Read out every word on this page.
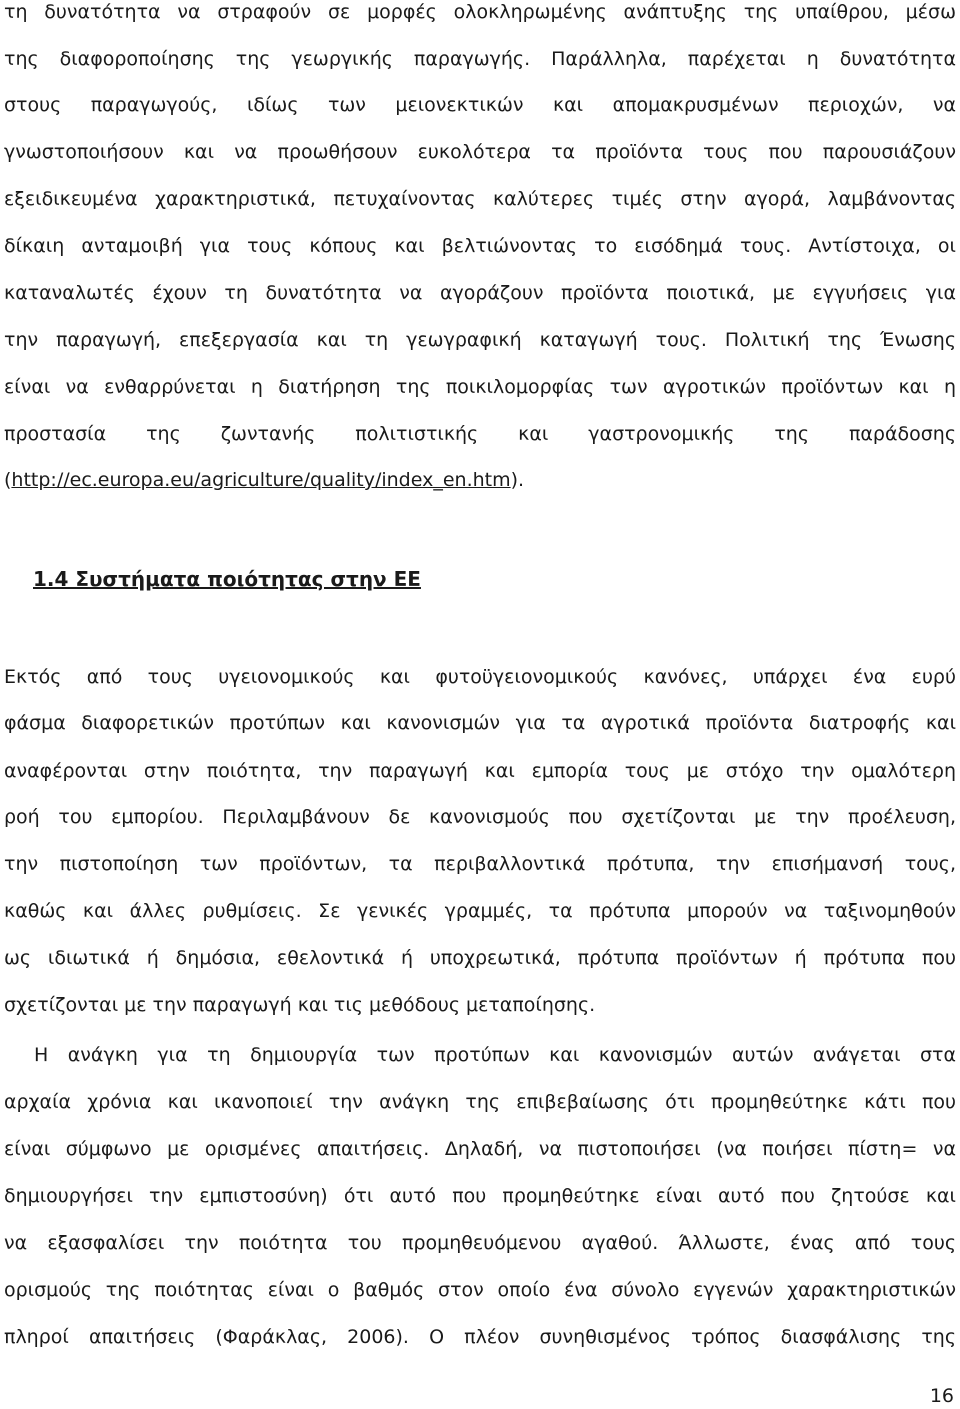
τη δυνατότητα να στραφούν σε μορφές ολοκληρωμένης ανάπτυξης της υπαίθρου, μέσω
της διαφοροποίησης της γεωργικής παραγωγής. Παράλληλα, παρέχεται η δυνατότητα
στους παραγωγούς, ιδίως των μειονεκτικών και απομακρυσμένων περιοχών, να
γνωστοποιήσουν και να προωθήσουν ευκολότερα τα προϊόντα τους που παρουσιάζουν
εξειδικευμένα χαρακτηριστικά, πετυχαίνοντας καλύτερες τιμές στην αγορά, λαμβάνοντας
δίκαιη ανταμοιβή για τους κόπους και βελτιώνοντας το εισόδημά τους. Αντίστοιχα, οι
καταναλωτές έχουν τη δυνατότητα να αγοράζουν προϊόντα ποιοτικά, με εγγυήσεις για
την παραγωγή, επεξεργασία και τη γεωγραφική καταγωγή τους. Πολιτική της Ένωσης
είναι να ενθαρρύνεται η διατήρηση της ποικιλομορφίας των αγροτικών προϊόντων και η
προστασία της ζωντανής πολιτιστικής και γαστρονομικής της παράδοσης
(http://ec.europa.eu/agriculture/quality/index_en.htm).
1.4 Συστήματα ποιότητας στην ΕΕ
Εκτός από τους υγειονομικούς και φυτοϋγειονομικούς κανόνες, υπάρχει ένα ευρύ
φάσμα διαφορετικών προτύπων και κανονισμών για τα αγροτικά προϊόντα διατροφής και
αναφέρονται στην ποιότητα, την παραγωγή και εμπορία τους με στόχο την ομαλότερη
ροή του εμπορίου. Περιλαμβάνουν δε κανονισμούς που σχετίζονται με την προέλευση,
την πιστοποίηση των προϊόντων, τα περιβαλλοντικά πρότυπα, την επισήμανσή τους,
καθώς και άλλες ρυθμίσεις. Σε γενικές γραμμές, τα πρότυπα μπορούν να ταξινομηθούν
ως ιδιωτικά ή δημόσια, εθελοντικά ή υποχρεωτικά, πρότυπα προϊόντων ή πρότυπα που
σχετίζονται με την παραγωγή και τις μεθόδους μεταποίησης.
Η ανάγκη για τη δημιουργία των προτύπων και κανονισμών αυτών ανάγεται στα
αρχαία χρόνια και ικανοποιεί την ανάγκη της επιβεβαίωσης ότι προμηθεύτηκε κάτι που
είναι σύμφωνο με ορισμένες απαιτήσεις. Δηλαδή, να πιστοποιήσει (να ποιήσει πίστη= να
δημιουργήσει την εμπιστοσύνη) ότι αυτό που προμηθεύτηκε είναι αυτό που ζητούσε και
να εξασφαλίσει την ποιότητα του προμηθευόμενου αγαθού. Άλλωστε, ένας από τους
ορισμούς της ποιότητας είναι ο βαθμός στον οποίο ένα σύνολο εγγενών χαρακτηριστικών
πληροί απαιτήσεις (Φαράκλας, 2006). Ο πλέον συνηθισμένος τρόπος διασφάλισης της
16
